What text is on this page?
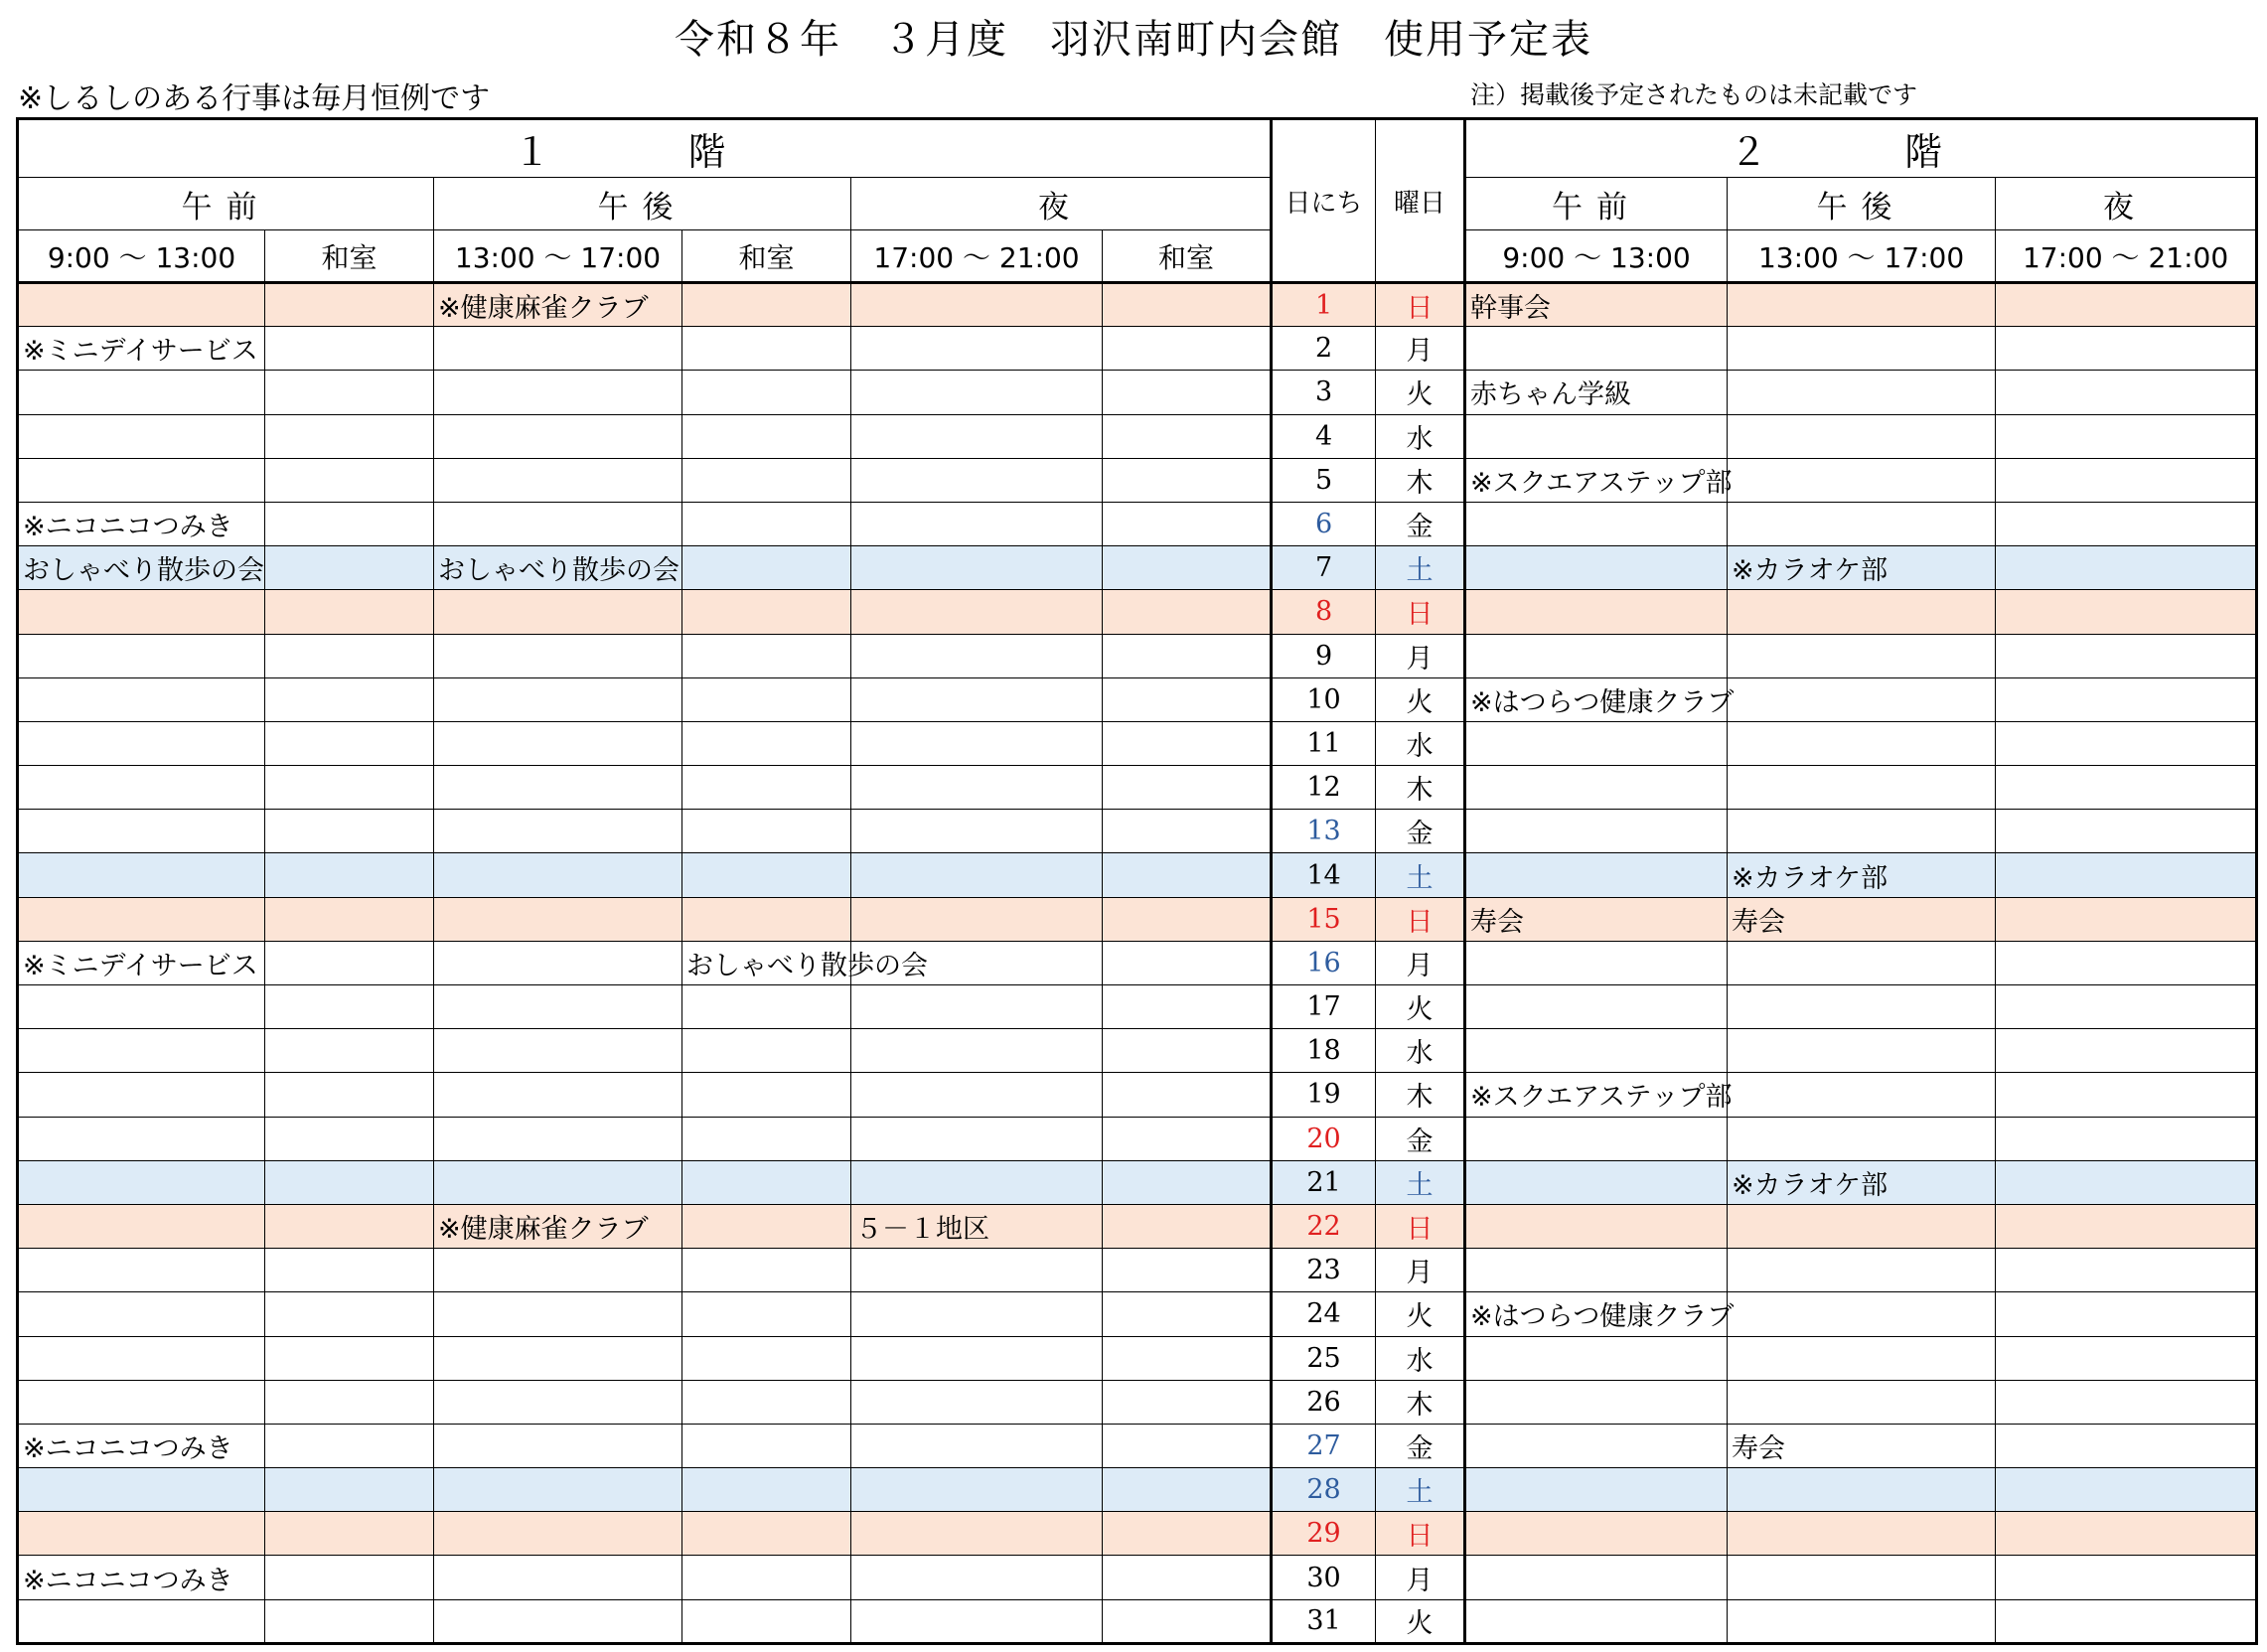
令和８年　３月度　羽沢南町内会館　使用予定表
※しるしのある行事は毎月恒例です	注）掲載後予定されたものは未記載です
１　階						日にち	曜日	２　階		
午前		午後		夜				午前	午後	夜
9:00 ～ 13:00	和室	13:00 ～ 17:00	和室	17:00 ～ 21:00	和室			9:00 ～ 13:00	13:00 ～ 17:00	17:00 ～ 21:00
		※健康麻雀クラブ				1	日	幹事会		
※ミニデイサービス						2	月			
						3	火	赤ちゃん学級		
						4	水			
						5	木	※スクエアステップ部		
※ニコニコつみき						6	金			
おしゃべり散歩の会		おしゃべり散歩の会				7	土		※カラオケ部	
						8	日			
						9	月			
						10	火	※はつらつ健康クラブ		
						11	水			
						12	木			
						13	金			
						14	土		※カラオケ部	
						15	日	寿会	寿会	
※ミニデイサービス			おしゃべり散歩の会			16	月			
						17	火			
						18	水			
						19	木	※スクエアステップ部		
						20	金			
						21	土		※カラオケ部	
		※健康麻雀クラブ		５－１地区		22	日			
						23	月			
						24	火	※はつらつ健康クラブ		
						25	水			
						26	木			
※ニコニコつみき						27	金		寿会	
						28	土			
						29	日			
※ニコニコつみき						30	月			
						31	火			
